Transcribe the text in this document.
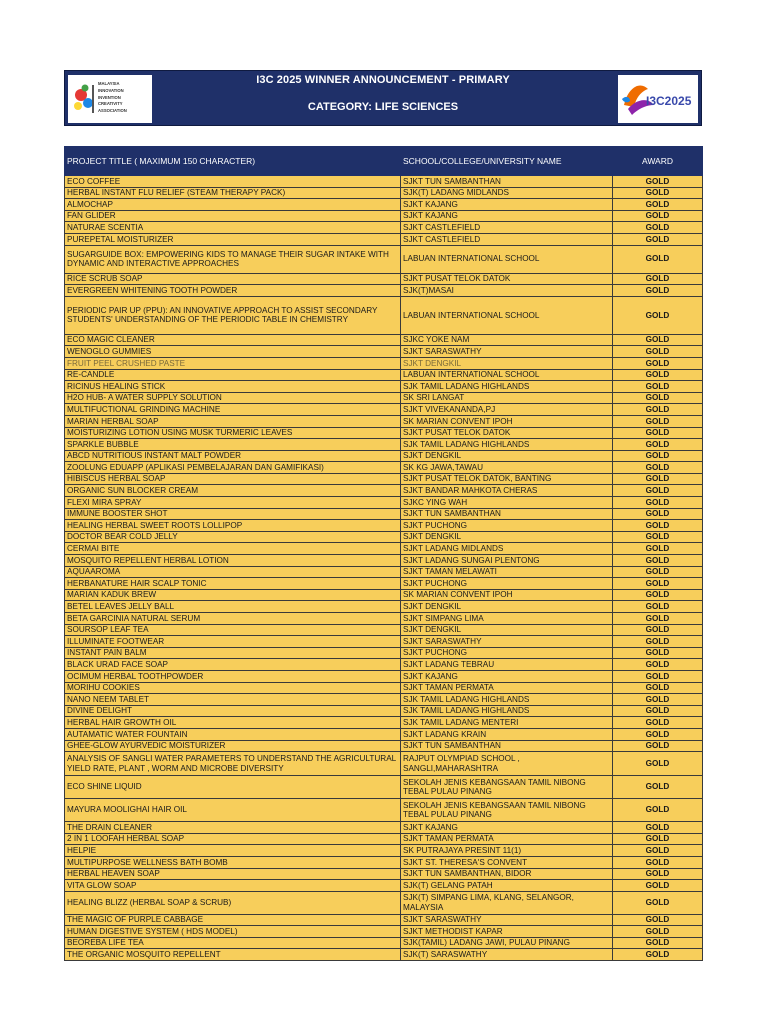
MALAYSIA
INNOVATION
INVENTION
CREATIVITY
ASSOCIATION
I3C 2025 WINNER ANNOUNCEMENT - PRIMARY
CATEGORY: LIFE SCIENCES	I3C2025
PROJECT TITLE ( MAXIMUM 150 CHARACTER)	SCHOOL/COLLEGE/UNIVERSITY NAME	AWARD
ECO COFFEE	SJKT TUN SAMBANTHAN	GOLD
HERBAL INSTANT FLU RELIEF (STEAM THERAPY PACK)	SJK(T) LADANG MIDLANDS	GOLD
ALMOCHAP	SJKT KAJANG	GOLD
FAN GLIDER	SJKT KAJANG	GOLD
NATURAE SCENTIA	SJKT CASTLEFIELD	GOLD
PUREPETAL MOISTURIZER	SJKT CASTLEFIELD	GOLD
SUGARGUIDE BOX: EMPOWERING KIDS TO MANAGE THEIR SUGAR INTAKE WITH DYNAMIC AND INTERACTIVE APPROACHES	LABUAN INTERNATIONAL SCHOOL	GOLD
RICE SCRUB SOAP	SJKT PUSAT TELOK DATOK	GOLD
EVERGREEN WHITENING TOOTH POWDER	SJK(T)MASAI	GOLD
PERIODIC PAIR UP (PPU): AN INNOVATIVE APPROACH TO ASSIST SECONDARY STUDENTS' UNDERSTANDING OF THE PERIODIC TABLE IN CHEMISTRY	LABUAN INTERNATIONAL SCHOOL	GOLD
ECO MAGIC CLEANER	SJKC YOKE NAM	GOLD
WENOGLO GUMMIES	SJKT SARASWATHY	GOLD
FRUIT PEEL CRUSHED PASTE	SJKT DENGKIL	GOLD
RE-CANDLE	LABUAN INTERNATIONAL SCHOOL	GOLD
RICINUS HEALING STICK	SJK TAMIL LADANG HIGHLANDS	GOLD
H2O HUB- A WATER SUPPLY SOLUTION	SK SRI LANGAT	GOLD
MULTIFUCTIONAL GRINDING MACHINE	SJKT VIVEKANANDA,PJ	GOLD
MARIAN HERBAL SOAP	SK MARIAN CONVENT IPOH	GOLD
MOISTURIZING LOTION USING MUSK TURMERIC LEAVES	SJKT PUSAT TELOK DATOK	GOLD
SPARKLE BUBBLE	SJK TAMIL LADANG HIGHLANDS	GOLD
ABCD NUTRITIOUS INSTANT MALT POWDER	SJKT DENGKIL	GOLD
ZOOLUNG EDUAPP (APLIKASI PEMBELAJARAN DAN GAMIFIKASI)	SK KG JAWA,TAWAU	GOLD
HIBISCUS HERBAL SOAP	SJKT PUSAT TELOK DATOK, BANTING	GOLD
ORGANIC SUN BLOCKER CREAM	SJKT BANDAR MAHKOTA CHERAS	GOLD
FLEXI MIRA SPRAY	SJKC YING WAH	GOLD
IMMUNE BOOSTER SHOT	SJKT TUN SAMBANTHAN	GOLD
HEALING HERBAL SWEET ROOTS LOLLIPOP	SJKT PUCHONG	GOLD
DOCTOR BEAR COLD JELLY	SJKT DENGKIL	GOLD
CERMAI BITE	SJKT LADANG MIDLANDS	GOLD
MOSQUITO REPELLENT HERBAL LOTION	SJKT LADANG SUNGAI PLENTONG	GOLD
AQUAAROMA	SJKT TAMAN MELAWATI	GOLD
HERBANATURE HAIR SCALP TONIC	SJKT PUCHONG	GOLD
MARIAN KADUK BREW	SK MARIAN CONVENT IPOH	GOLD
BETEL LEAVES JELLY BALL	SJKT DENGKIL	GOLD
BETA GARCINIA NATURAL SERUM	SJKT SIMPANG LIMA	GOLD
SOURSOP LEAF TEA	SJKT DENGKIL	GOLD
ILLUMINATE FOOTWEAR	SJKT SARASWATHY	GOLD
INSTANT PAIN BALM	SJKT PUCHONG	GOLD
BLACK URAD FACE SOAP	SJKT LADANG TEBRAU	GOLD
OCIMUM HERBAL TOOTHPOWDER	SJKT KAJANG	GOLD
MORIHU COOKIES	SJKT TAMAN PERMATA	GOLD
NANO NEEM TABLET	SJK TAMIL LADANG HIGHLANDS	GOLD
DIVINE DELIGHT	SJK TAMIL LADANG HIGHLANDS	GOLD
HERBAL HAIR GROWTH OIL	SJK TAMIL LADANG MENTERI	GOLD
AUTAMATIC WATER FOUNTAIN	SJKT LADANG KRAIN	GOLD
GHEE-GLOW AYURVEDIC MOISTURIZER	SJKT TUN SAMBANTHAN	GOLD
ANALYSIS OF SANGLI WATER PARAMETERS TO UNDERSTAND THE AGRICULTURAL YIELD RATE, PLANT , WORM AND MICROBE DIVERSITY	RAJPUT OLYMPIAD SCHOOL , SANGLI,MAHARASHTRA	GOLD
ECO SHINE LIQUID	SEKOLAH JENIS KEBANGSAAN TAMIL NIBONG TEBAL PULAU PINANG	GOLD
MAYURA MOOLIGHAI HAIR OIL	SEKOLAH JENIS KEBANGSAAN TAMIL NIBONG TEBAL PULAU PINANG	GOLD
THE DRAIN CLEANER	SJKT KAJANG	GOLD
2 IN 1 LOOFAH HERBAL SOAP	SJKT TAMAN PERMATA	GOLD
HELPIE	SK PUTRAJAYA PRESINT 11(1)	GOLD
MULTIPURPOSE WELLNESS BATH BOMB	SJKT ST. THERESA'S CONVENT	GOLD
HERBAL HEAVEN SOAP	SJKT TUN SAMBANTHAN, BIDOR	GOLD
VITA GLOW SOAP	SJK(T) GELANG PATAH	GOLD
HEALING BLIZZ (HERBAL SOAP & SCRUB)	SJK(T) SIMPANG LIMA, KLANG, SELANGOR, MALAYSIA	GOLD
THE MAGIC OF PURPLE CABBAGE	SJKT SARASWATHY	GOLD
HUMAN DIGESTIVE SYSTEM ( HDS MODEL)	SJKT METHODIST KAPAR	GOLD
BEOREBA LIFE TEA	SJK(TAMIL) LADANG JAWI, PULAU PINANG	GOLD
THE ORGANIC MOSQUITO REPELLENT	SJK(T) SARASWATHY	GOLD
